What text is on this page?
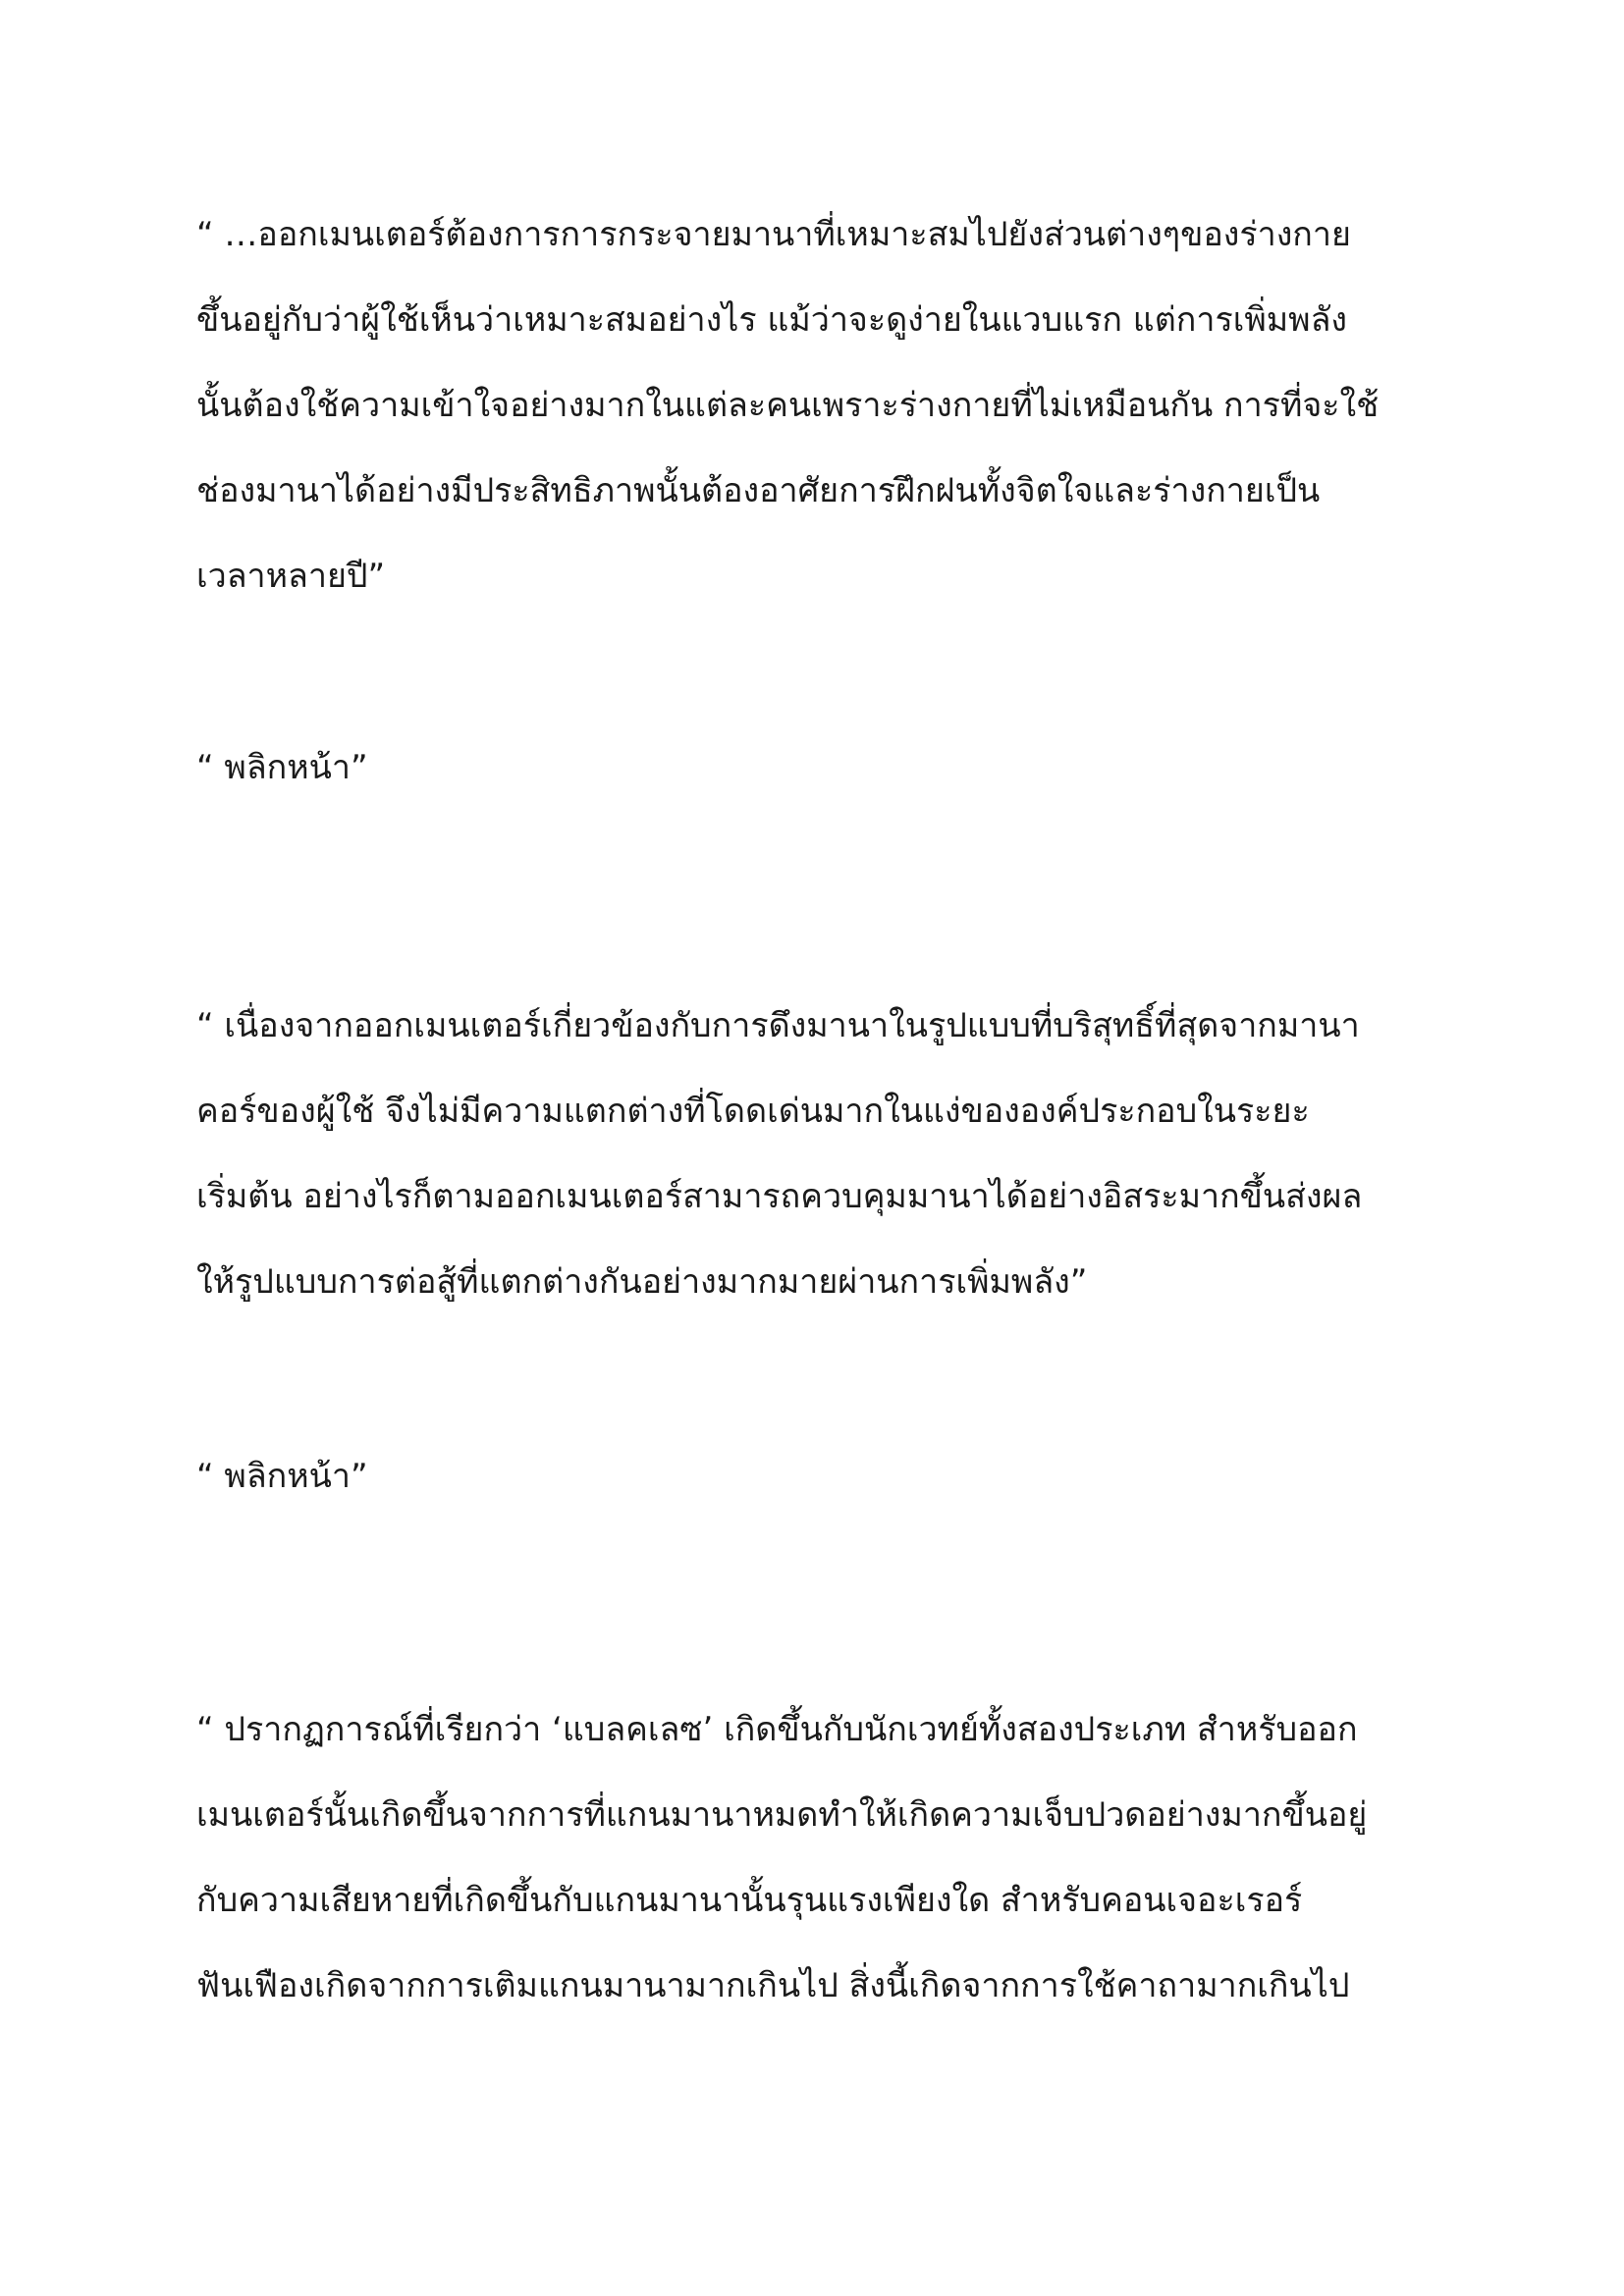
“ …ออกเมนเตอร์ต้องการการกระจายมานาที่เหมาะสมไปยังส่วนต่างๆของร่างกาย
ขึ้นอยู่กับว่าผู้ใช้เห็นว่าเหมาะสมอย่างไร แม้ว่าจะดูง่ายในแวบแรก แต่การเพิ่มพลัง
นั้นต้องใช้ความเข้าใจอย่างมากในแต่ละคนเพราะร่างกายที่ไม่เหมือนกัน การที่จะใช้
ช่องมานาได้อย่างมีประสิทธิภาพนั้นต้องอาศัยการฝึกฝนทั้งจิตใจและร่างกายเป็น
เวลาหลายปี”
“ พลิกหน้า”
“ เนื่องจากออกเมนเตอร์เกี่ยวข้องกับการดึงมานาในรูปแบบที่บริสุทธิ์ที่สุดจากมานา
คอร์ของผู้ใช้ จึงไม่มีความแตกต่างที่โดดเด่นมากในแง่ขององค์ประกอบในระยะ
เริ่มต้น อย่างไรก็ตามออกเมนเตอร์สามารถควบคุมมานาได้อย่างอิสระมากขึ้นส่งผล
ให้รูปแบบการต่อสู้ที่แตกต่างกันอย่างมากมายผ่านการเพิ่มพลัง”
“ พลิกหน้า”
“ ปรากฏการณ์ที่เรียกว่า ‘แบลคเลซ’ เกิดขึ้นกับนักเวทย์ทั้งสองประเภท สำหรับออก
เมนเตอร์นั้นเกิดขึ้นจากการที่แกนมานาหมดทำให้เกิดความเจ็บปวดอย่างมากขึ้นอยู่
กับความเสียหายที่เกิดขึ้นกับแกนมานานั้นรุนแรงเพียงใด สำหรับคอนเจอะเรอร์
ฟันเฟืองเกิดจากการเติมแกนมานามากเกินไป สิ่งนี้เกิดจากการใช้คาถามากเกินไป
